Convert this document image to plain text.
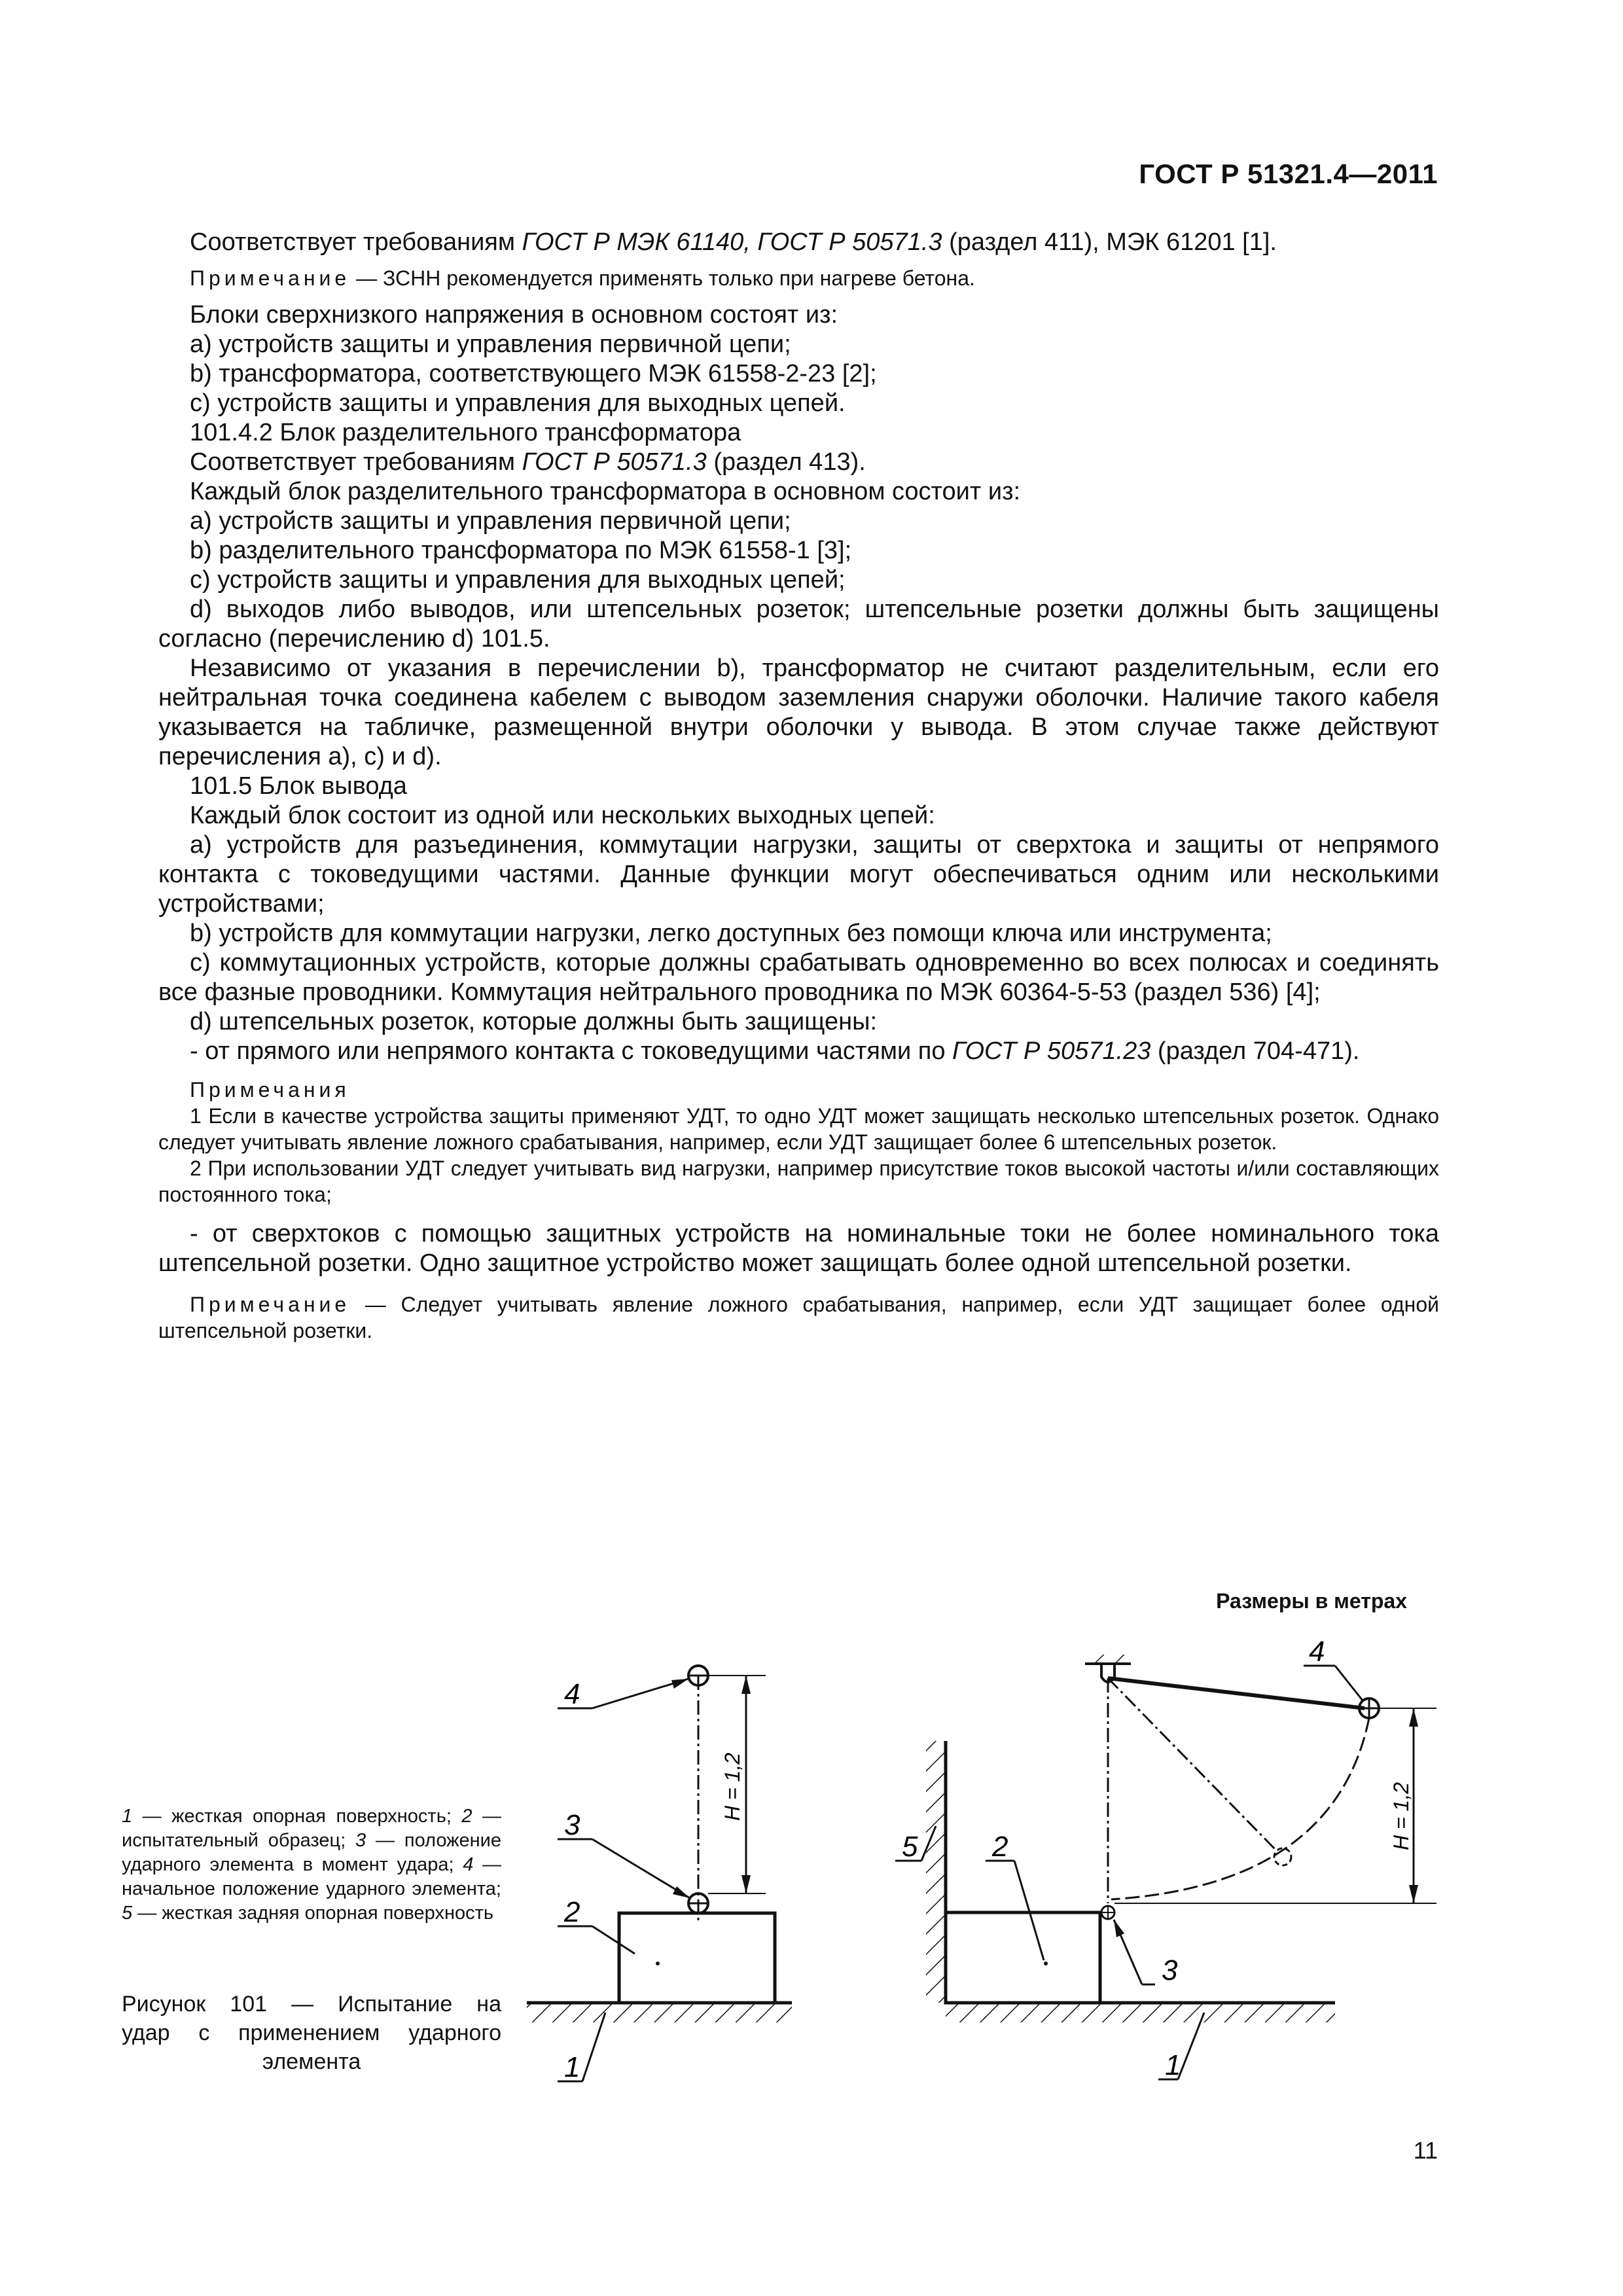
ГОСТ Р 51321.4—2011

Соответствует требованиям ГОСТ Р МЭК 61140, ГОСТ Р 50571.3 (раздел 411), МЭК 61201 [1].

Примечание — ЗСНН рекомендуется применять только при нагреве бетона.

Блоки сверхнизкого напряжения в основном состоят из:

a) устройств защиты и управления первичной цепи;

b) трансформатора, соответствующего МЭК 61558-2-23 [2];

c) устройств защиты и управления для выходных цепей.

101.4.2 Блок разделительного трансформатора

Соответствует требованиям ГОСТ Р 50571.3 (раздел 413).

Каждый блок разделительного трансформатора в основном состоит из:

a) устройств защиты и управления первичной цепи;

b) разделительного трансформатора по МЭК 61558-1 [3];

c) устройств защиты и управления для выходных цепей;

d) выходов либо выводов, или штепсельных розеток; штепсельные розетки должны быть защищены согласно (перечислению d) 101.5.

Независимо от указания в перечислении b), трансформатор не считают разделительным, если его нейтральная точка соединена кабелем с выводом заземления снаружи оболочки. Наличие такого кабеля указывается на табличке, размещенной внутри оболочки у вывода. В этом случае также действуют перечисления a), c) и d).

101.5 Блок вывода

Каждый блок состоит из одной или нескольких выходных цепей:

a) устройств для разъединения, коммутации нагрузки, защиты от сверхтока и защиты от непрямого контакта с токоведущими частями. Данные функции могут обеспечиваться одним или несколькими устройствами;

b) устройств для коммутации нагрузки, легко доступных без помощи ключа или инструмента;

c) коммутационных устройств, которые должны срабатывать одновременно во всех полюсах и соединять все фазные проводники. Коммутация нейтрального проводника по МЭК 60364-5-53 (раздел 536) [4];

d) штепсельных розеток, которые должны быть защищены:

- от прямого или непрямого контакта с токоведущими частями по ГОСТ Р 50571.23 (раздел 704-471).

Примечания

1 Если в качестве устройства защиты применяют УДТ, то одно УДТ может защищать несколько штепсельных розеток. Однако следует учитывать явление ложного срабатывания, например, если УДТ защищает более 6 штепсельных розеток.

2 При использовании УДТ следует учитывать вид нагрузки, например присутствие токов высокой частоты и/или составляющих постоянного тока;

- от сверхтоков с помощью защитных устройств на номинальные токи не более номинального тока штепсельной розетки. Одно защитное устройство может защищать более одной штепсельной розетки.

Примечание — Следует учитывать явление ложного срабатывания, например, если УДТ защищает более одной штепсельной розетки.

Размеры в метрах
H = 1,2
4
3
2
1
H = 1,2
4
5	2
3
1
1 — жесткая опорная поверхность; 2 — испытательный образец; 3 — положение ударного элемента в момент удара; 4 — начальное положение ударного элемента; 5 — жесткая задняя опорная поверхность
Рисунок 101 — Испытание на
удар с применением ударного
элемента
11
